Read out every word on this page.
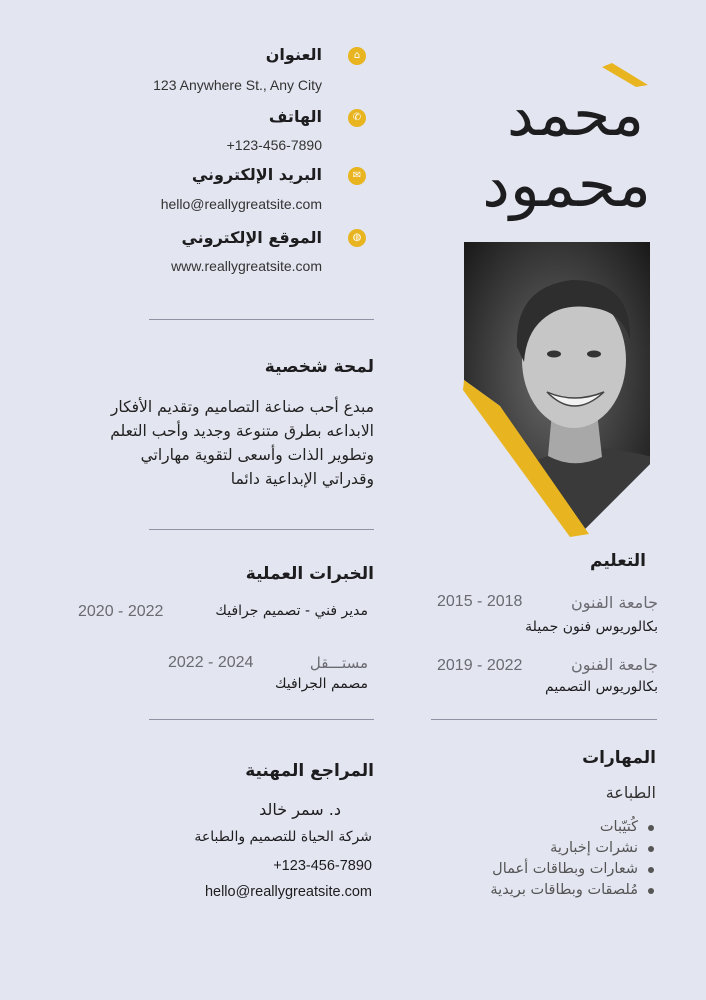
⌂
العنوان
123 Anywhere St., Any City
✆
الهاتف
+123-456-7890
✉
البريد الإلكتروني
hello@reallygreatsite.com
◍
الموقع الإلكتروني
www.reallygreatsite.com
لمحة شخصية
مبدع أحب صناعة التصاميم وتقديم الأفكار
الابداعه بطرق متنوعة وجديد وأحب التعلم
وتطوير الذات وأسعى لتقوية مهاراتي
وقدراتي الإبداعية دائما
الخبرات العملية
مدير فني - تصميم جرافيك
2020 - 2022
مستـــقل
2022 - 2024
مصمم الجرافيك
المراجع المهنية
د. سمر خالد
شركة الحياة للتصميم والطباعة
+123-456-7890
hello@reallygreatsite.com
محمد
محمود
التعليم
جامعة الفنون
2015 - 2018
بكالوريوس فنون جميلة
جامعة الفنون
2019 - 2022
بكالوريوس التصميم
المهارات
الطباعة
كُتيّبات
نشرات إخبارية
شعارات وبطاقات أعمال
مُلصقات وبطاقات بريدية
